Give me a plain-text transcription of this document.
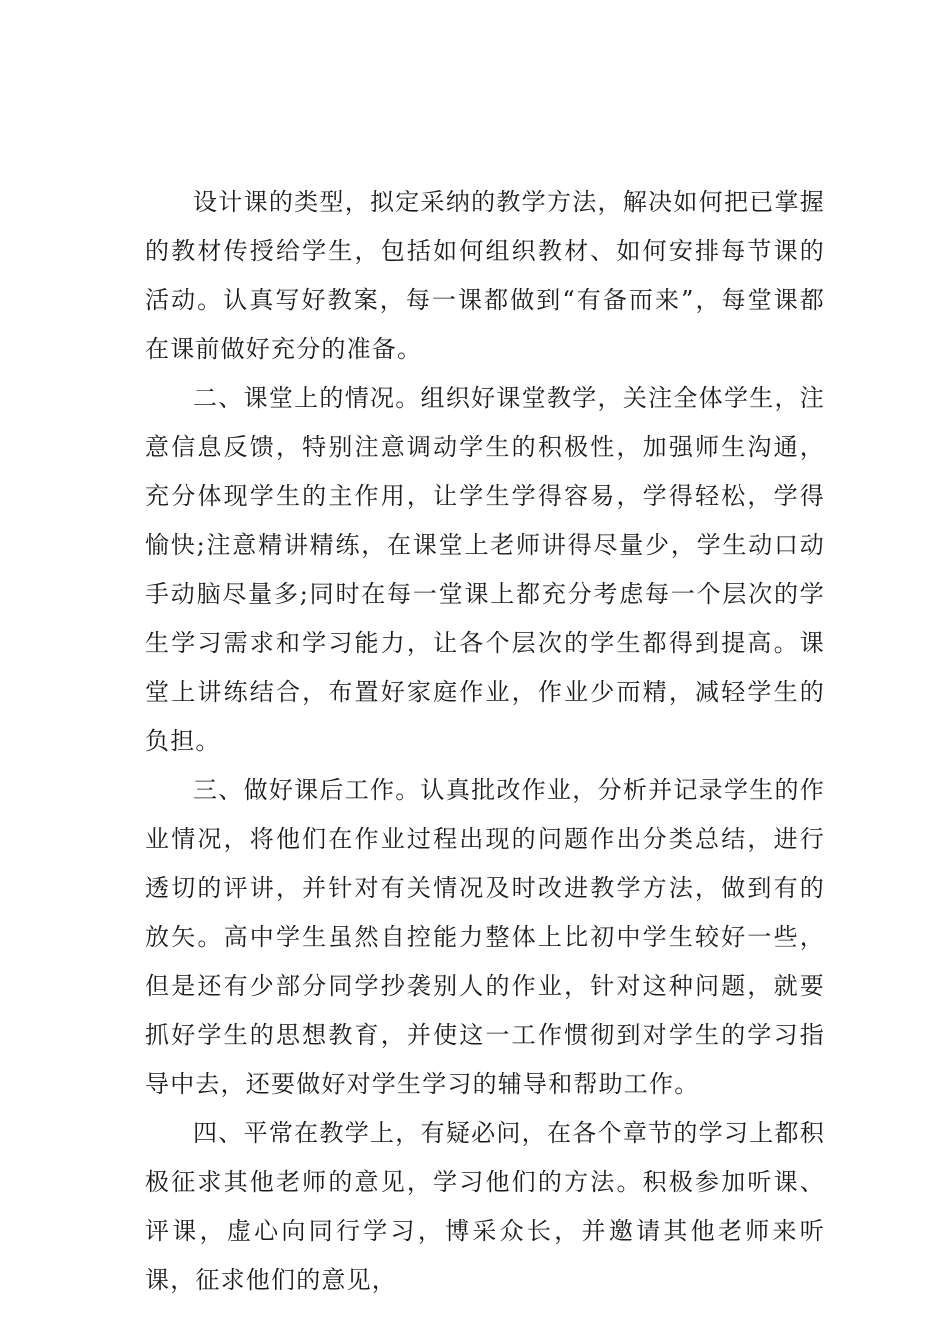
设计课的类型，拟定采纳的教学方法，解决如何把已掌握的教材传授给学生，包括如何组织教材、如何安排每节课的活动。认真写好教案，每一课都做到“有备而来”，每堂课都在课前做好充分的准备。

二、课堂上的情况。组织好课堂教学，关注全体学生，注意信息反馈，特别注意调动学生的积极性，加强师生沟通，充分体现学生的主作用，让学生学得容易，学得轻松，学得愉快;注意精讲精练，在课堂上老师讲得尽量少，学生动口动手动脑尽量多;同时在每一堂课上都充分考虑每一个层次的学生学习需求和学习能力，让各个层次的学生都得到提高。课堂上讲练结合，布置好家庭作业，作业少而精，减轻学生的负担。

三、做好课后工作。认真批改作业，分析并记录学生的作业情况，将他们在作业过程出现的问题作出分类总结，进行透切的评讲，并针对有关情况及时改进教学方法，做到有的放矢。高中学生虽然自控能力整体上比初中学生较好一些，但是还有少部分同学抄袭别人的作业，针对这种问题，就要抓好学生的思想教育，并使这一工作惯彻到对学生的学习指导中去，还要做好对学生学习的辅导和帮助工作。

四、平常在教学上，有疑必问，在各个章节的学习上都积极征求其他老师的意见，学习他们的方法。积极参加听课、评课，虚心向同行学习，博采众长，并邀请其他老师来听课，征求他们的意见，
